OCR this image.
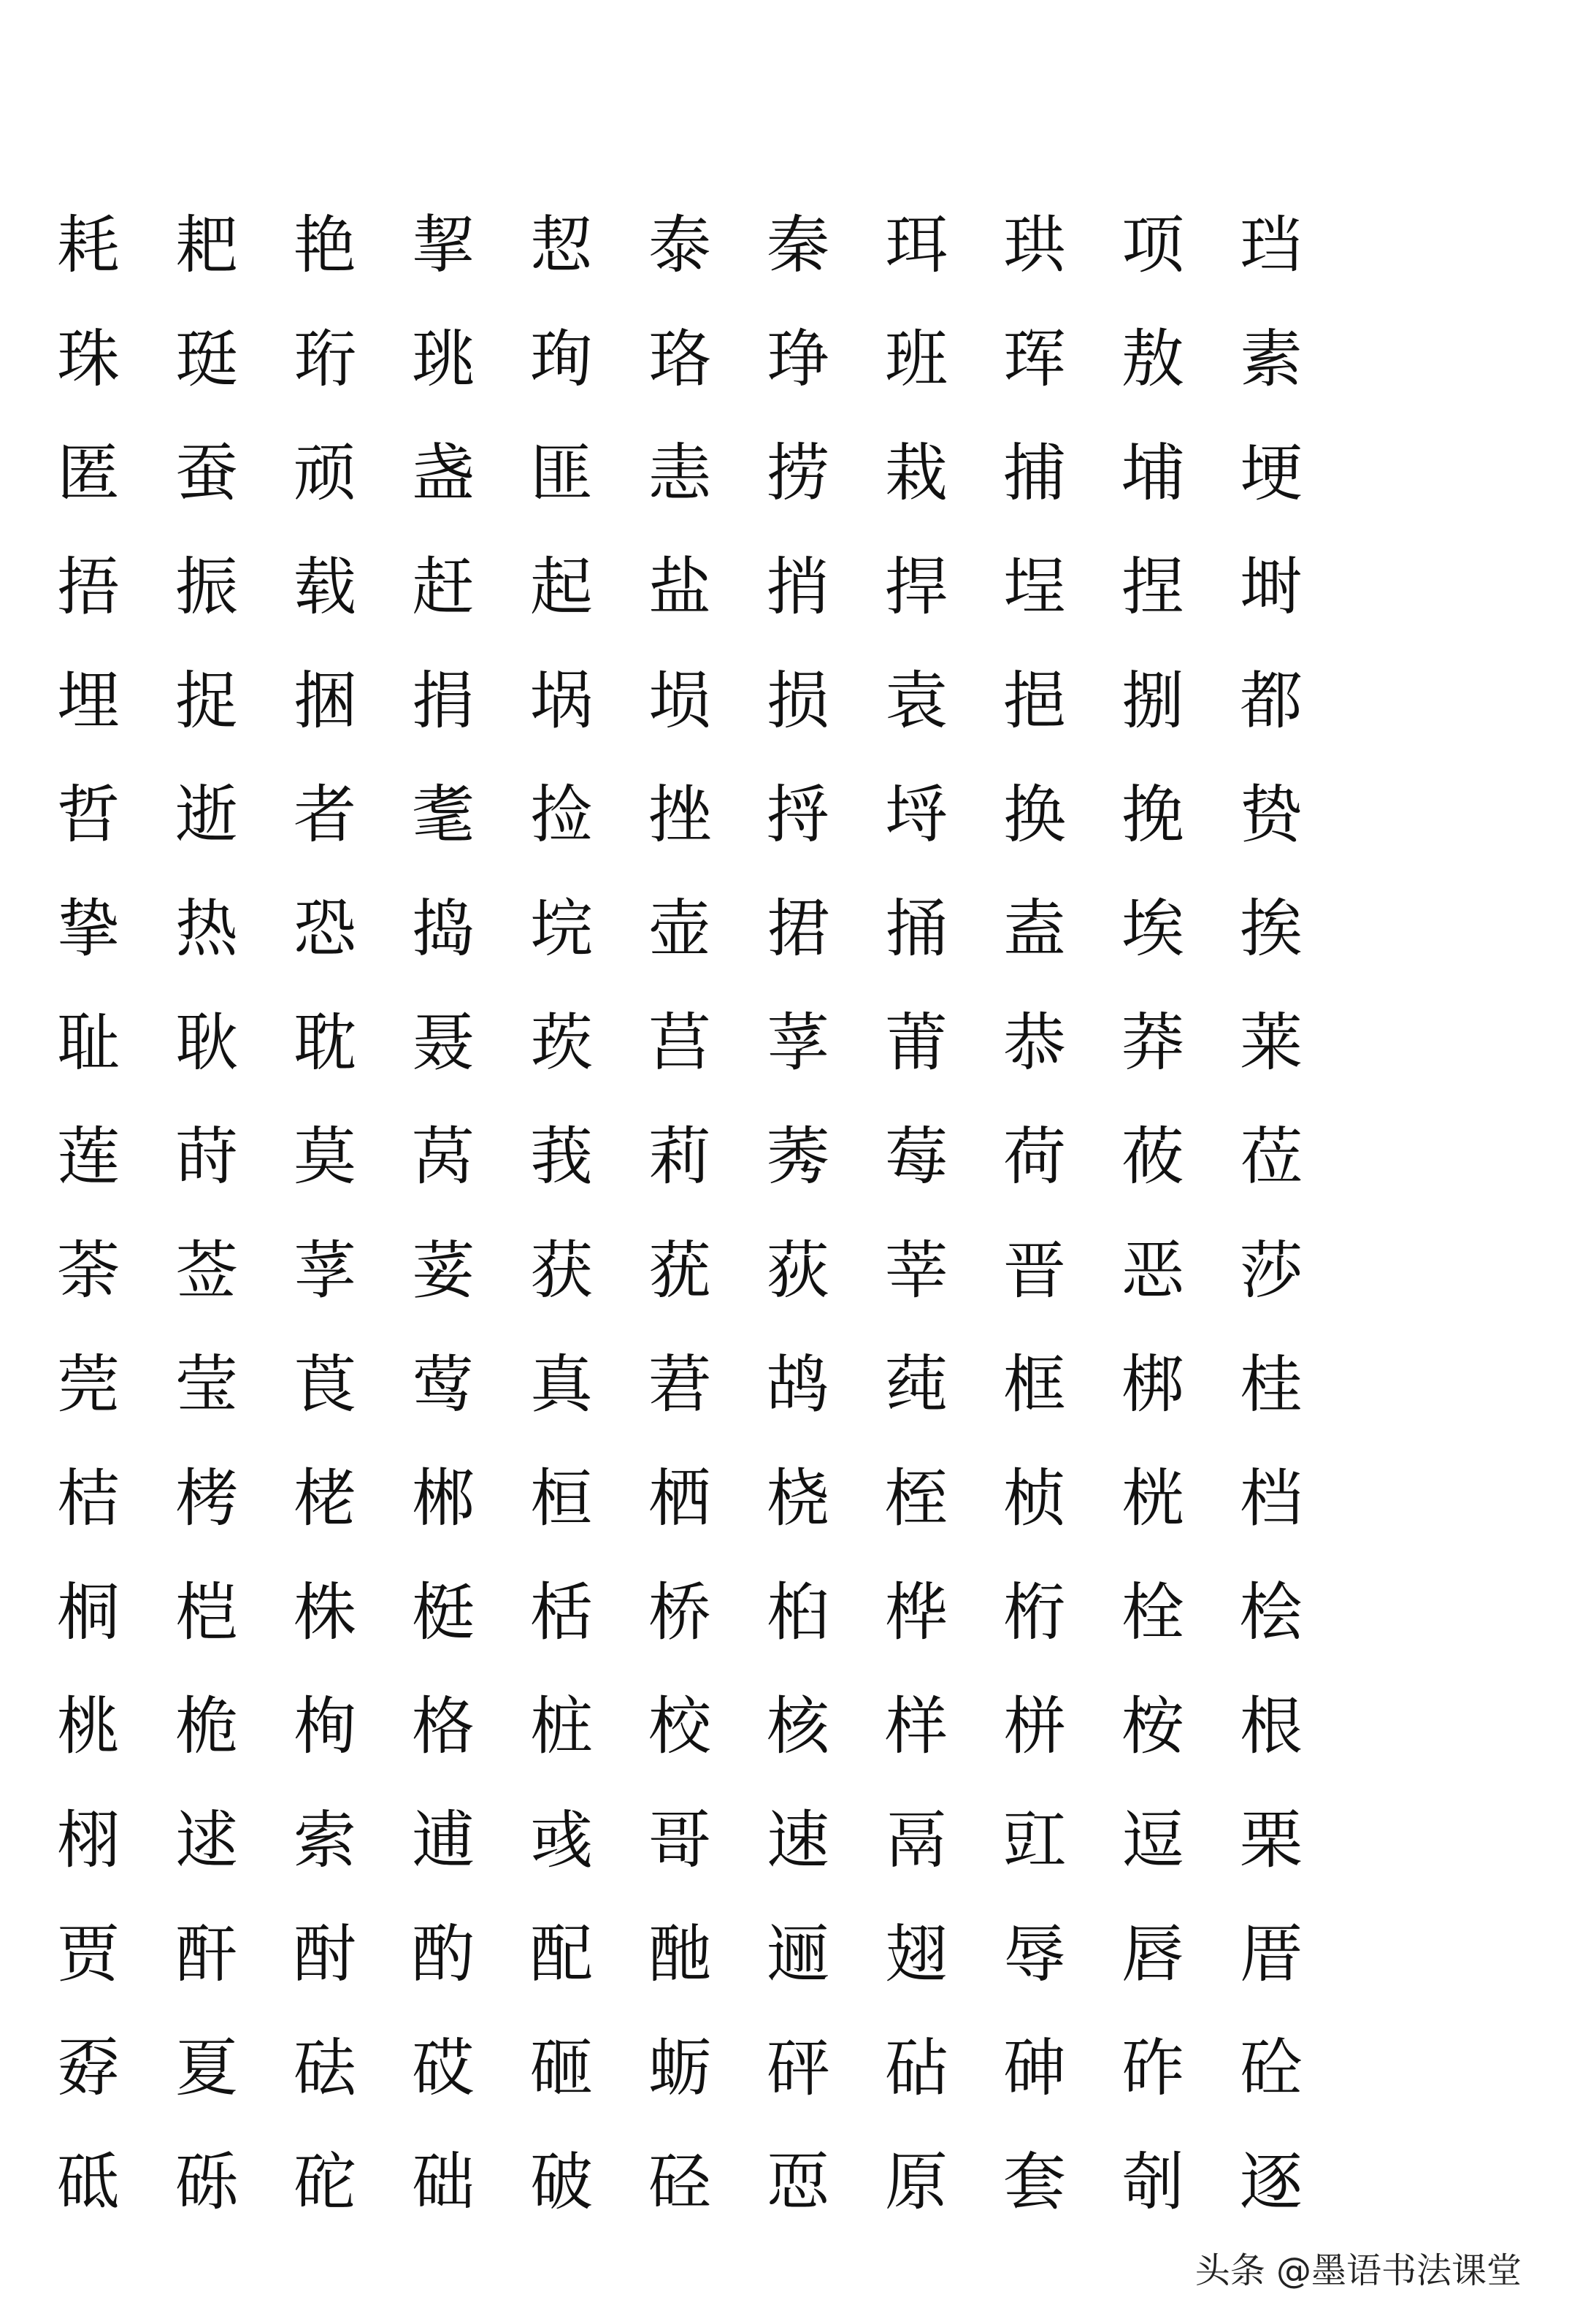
耗 耙 艳 挈 恝 泰 秦 珥 珙 项 珰
珠 珽 珩 珧 珣 珞 琤 班 珲 敖 素
匿 蚕 顽 盏 匪 恚 捞 栽 捕 埔 埂
捂 振 载 赶 起 盐 捎 捍 埕 捏 埘
埋 捉 捆 捐 埚 埙 损 袁 挹 捌 都
哲 逝 者 耄 捡 挫 捋 埒 换 挽 贽
挚 热 恐 捣 垸 壶 捃 捅 盍 埃 挨
耻 耿 耽 聂 莰 莒 莩 莆 恭 莽 莱
莲 莳 莫 莴 莪 莉 莠 莓 荷 莜 莅
荼 莶 莩 荽 获 莸 荻 莘 晋 恶 莎
莞 莹 莨 莺 真 莙 鸪 莼 框 梆 桂
桔 栲 栳 郴 桓 栖 桡 桎 桢 桄 档
桐 桤 株 梃 栝 桥 桕 桦 桁 栓 桧
桃 桅 栒 格 桩 校 核 样 栟 桉 根
栩 逑 索 逋 彧 哥 速 鬲 豇 逗 栗
贾 酐 酎 酌 配 酏 逦 翅 辱 唇 厝
孬 夏 砝 砹 砸 蛎 砰 砧 砷 砟 砼
砥 砾 砣 础 破 硁 恧 原 套 剞 逐
头条 @墨语书法课堂
